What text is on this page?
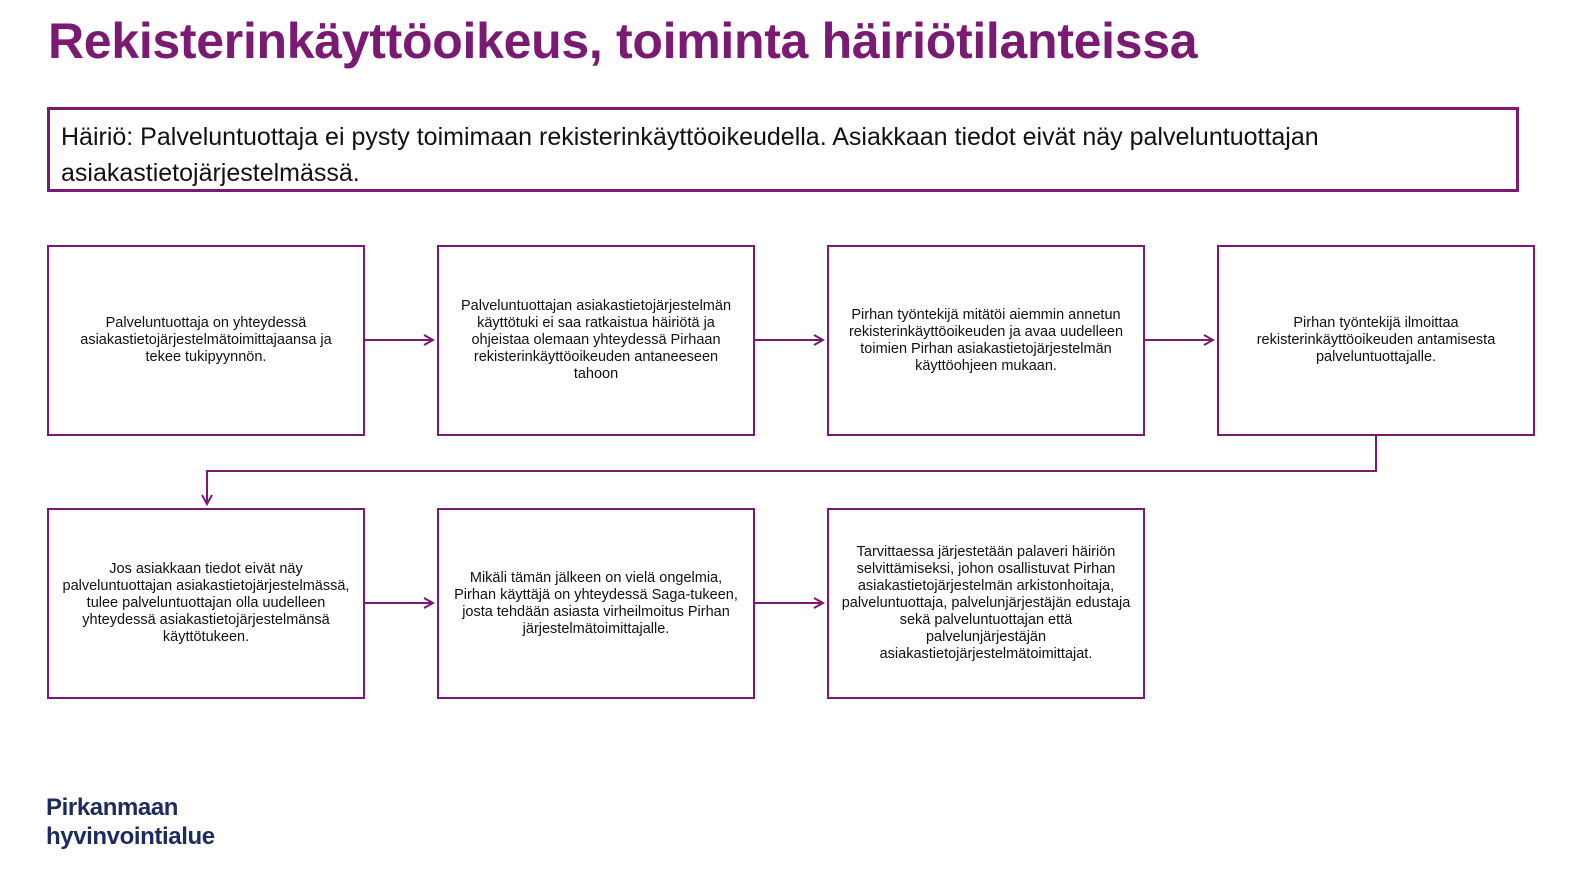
Rekisterinkäyttöoikeus, toiminta häiriötilanteissa
Häiriö: Palveluntuottaja ei pysty toimimaan rekisterinkäyttöoikeudella. Asiakkaan tiedot eivät näy palveluntuottajan asiakastietojärjestelmässä.
Palveluntuottaja on yhteydessä asiakastietojärjestelmätoimittajaansa ja tekee tukipyynnön.
Palveluntuottajan asiakastietojärjestelmän käyttötuki ei saa ratkaistua häiriötä ja ohjeistaa olemaan yhteydessä Pirhaan rekisterinkäyttöoikeuden antaneeseen tahoon
Pirhan työntekijä mitätöi aiemmin annetun rekisterinkäyttöoikeuden ja avaa uudelleen toimien Pirhan asiakastietojärjestelmän käyttöohjeen mukaan.
Pirhan työntekijä ilmoittaa rekisterinkäyttöoikeuden antamisesta palveluntuottajalle.
Jos asiakkaan tiedot eivät näy palveluntuottajan asiakastietojärjestelmässä, tulee palveluntuottajan olla uudelleen yhteydessä asiakastietojärjestelmänsä käyttötukeen.
Mikäli tämän jälkeen on vielä ongelmia, Pirhan käyttäjä on yhteydessä Saga-tukeen, josta tehdään asiasta virheilmoitus Pirhan järjestelmätoimittajalle.
Tarvittaessa järjestetään palaveri häiriön selvittämiseksi, johon osallistuvat Pirhan asiakastietojärjestelmän arkistonhoitaja, palveluntuottaja, palvelunjärjestäjän edustaja sekä palveluntuottajan että palvelunjärjestäjän asiakastietojärjestelmätoimittajat.
Pirkanmaan
hyvinvointialue
